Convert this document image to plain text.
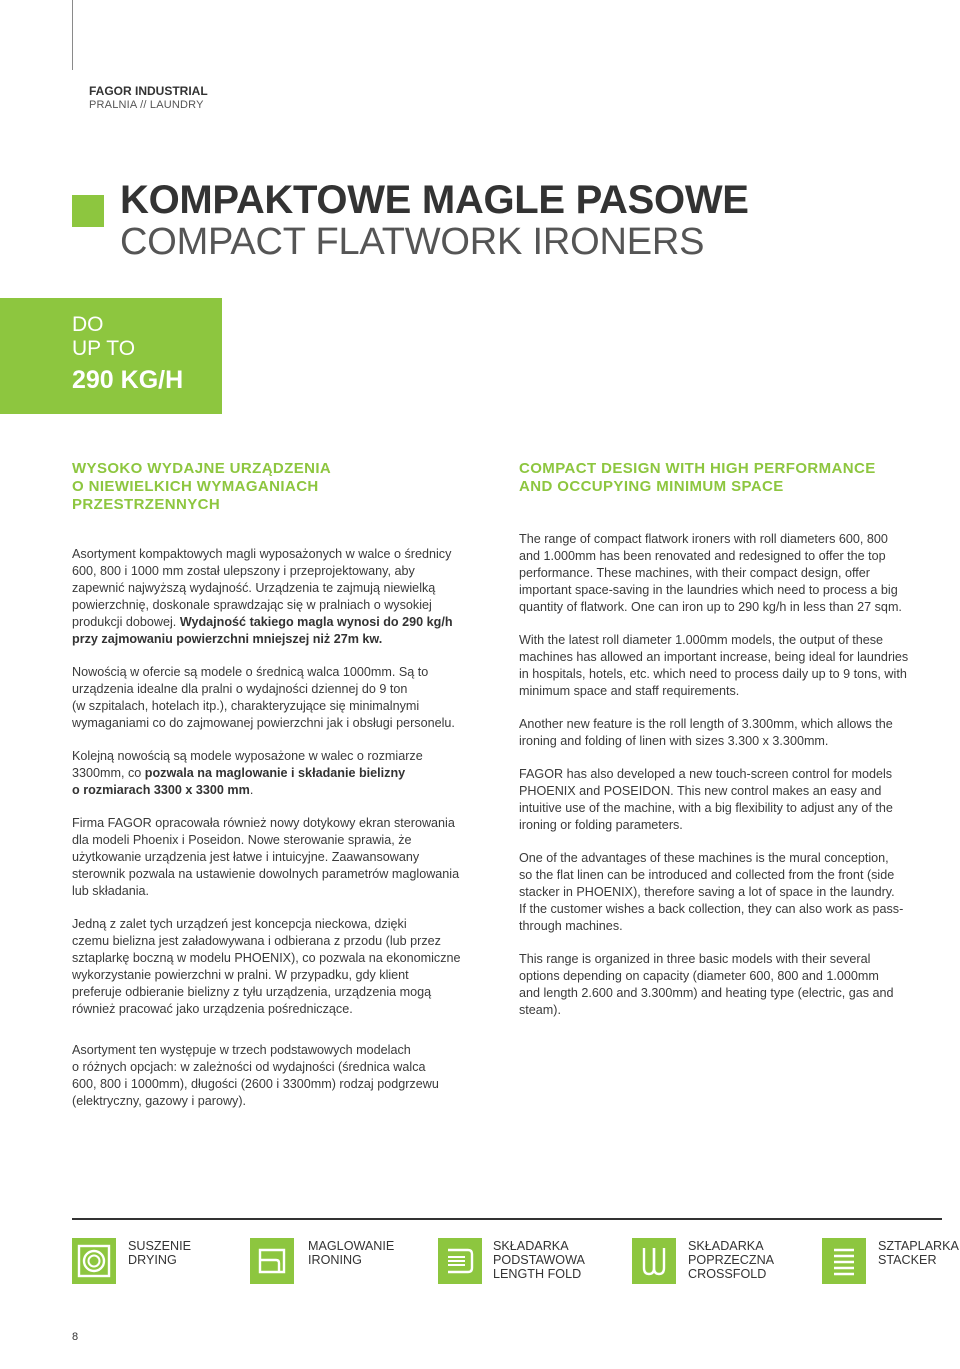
FAGOR INDUSTRIAL
PRALNIA // LAUNDRY
KOMPAKTOWE MAGLE PASOWE
COMPACT FLATWORK IRONERS
DO
UP TO
290 KG/H
WYSOKO WYDAJNE URZĄDZENIA
O NIEWIELKICH WYMAGANIACH
PRZESTRZENNYCH
COMPACT DESIGN WITH HIGH PERFORMANCE
AND OCCUPYING MINIMUM SPACE

Asortyment kompaktowych magli wyposażonych w walce o średnicy
600, 800 i 1000 mm został ulepszony i przeprojektowany, aby
zapewnić najwyższą wydajność. Urządzenia te zajmują niewielką
powierzchnię, doskonale sprawdzając się w pralniach o wysokiej
produkcji dobowej. Wydajność takiego magla wynosi do 290 kg/h
przy zajmowaniu powierzchni mniejszej niż 27m kw.

Nowością w ofercie są modele o średnicą walca 1000mm. Są to
urządzenia idealne dla pralni o wydajności dziennej do 9 ton
(w szpitalach, hotelach itp.), charakteryzujące się minimalnymi
wymaganiami co do zajmowanej powierzchni jak i obsługi personelu.

Kolejną nowością są modele wyposażone w walec o rozmiarze
3300mm, co pozwala na maglowanie i składanie bielizny
o rozmiarach 3300 x 3300 mm.

Firma FAGOR opracowała również nowy dotykowy ekran sterowania
dla modeli Phoenix i Poseidon. Nowe sterowanie sprawia, że
użytkowanie urządzenia jest łatwe i intuicyjne. Zaawansowany
sterownik pozwala na ustawienie dowolnych parametrów maglowania
lub składania.

Jedną z zalet tych urządzeń jest koncepcja nieckowa, dzięki
czemu bielizna jest załadowywana i odbierana z przodu (lub przez
sztaplarkę boczną w modelu PHOENIX), co pozwala na ekonomiczne
wykorzystanie powierzchni w pralni. W przypadku, gdy klient
preferuje odbieranie bielizny z tyłu urządzenia, urządzenia mogą
również pracować jako urządzenia pośredniczące.

Asortyment ten występuje w trzech podstawowych modelach
o różnych opcjach: w zależności od wydajności (średnica walca
600, 800 i 1000mm), długości (2600 i 3300mm) rodzaj podgrzewu
(elektryczny, gazowy i parowy).

The range of compact flatwork ironers with roll diameters 600, 800
and 1.000mm has been renovated and redesigned to offer the top
performance. These machines, with their compact design, offer
important space-saving in the laundries which need to process a big
quantity of flatwork. One can iron up to 290 kg/h in less than 27 sqm.

With the latest roll diameter 1.000mm models, the output of these
machines has allowed an important increase, being ideal for laundries
in hospitals, hotels, etc. which need to process daily up to 9 tons, with
minimum space and staff requirements.

Another new feature is the roll length of 3.300mm, which allows the
ironing and folding of linen with sizes 3.300 x 3.300mm.

FAGOR has also developed a new touch-screen control for models
PHOENIX and POSEIDON. This new control makes an easy and
intuitive use of the machine, with a big flexibility to adjust any of the
ironing or folding parameters.

One of the advantages of these machines is the mural conception,
so the flat linen can be introduced and collected from the front (side
stacker in PHOENIX), therefore saving a lot of space in the laundry.
If the customer wishes a back collection, they can also work as pass-
through machines.

This range is organized in three basic models with their several
options depending on capacity (diameter 600, 800 and 1.000mm
and length 2.600 and 3.300mm) and heating type (electric, gas and
steam).

SUSZENIE
DRYING
MAGLOWANIE
IRONING
SKŁADARKA
PODSTAWOWA
LENGTH FOLD
SKŁADARKA
POPRZECZNA
CROSSFOLD
SZTAPLARKA
STACKER
8
